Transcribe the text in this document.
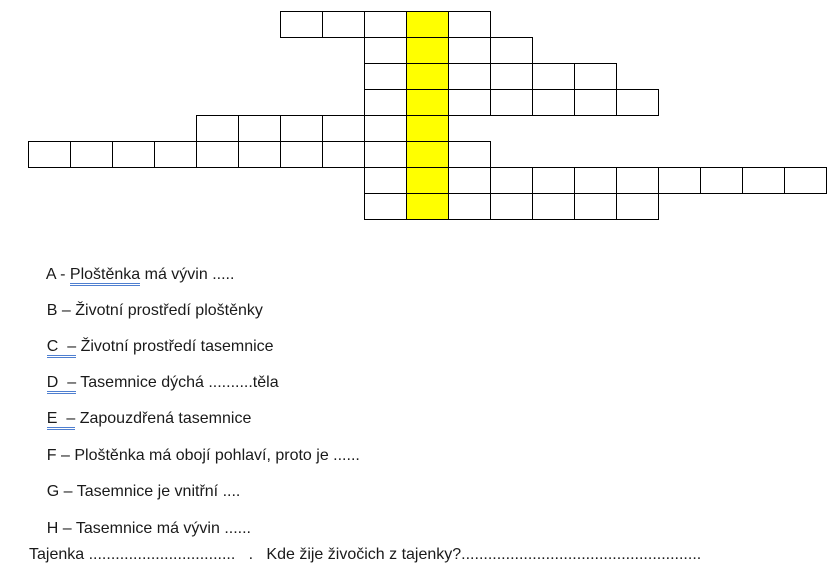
A - Ploštěnka má vývin .....

B – Životní prostředí ploštěnky

C  – Životní prostředí tasemnice

D  – Tasemnice dýchá ..........těla

E  – Zapouzdřená tasemnice

F – Ploštěnka má obojí pohlaví, proto je ......

G – Tasemnice je vnitřní ....

H – Tasemnice má vývin ......

Tajenka .................................   .   Kde žije živočich z tajenky?......................................................
